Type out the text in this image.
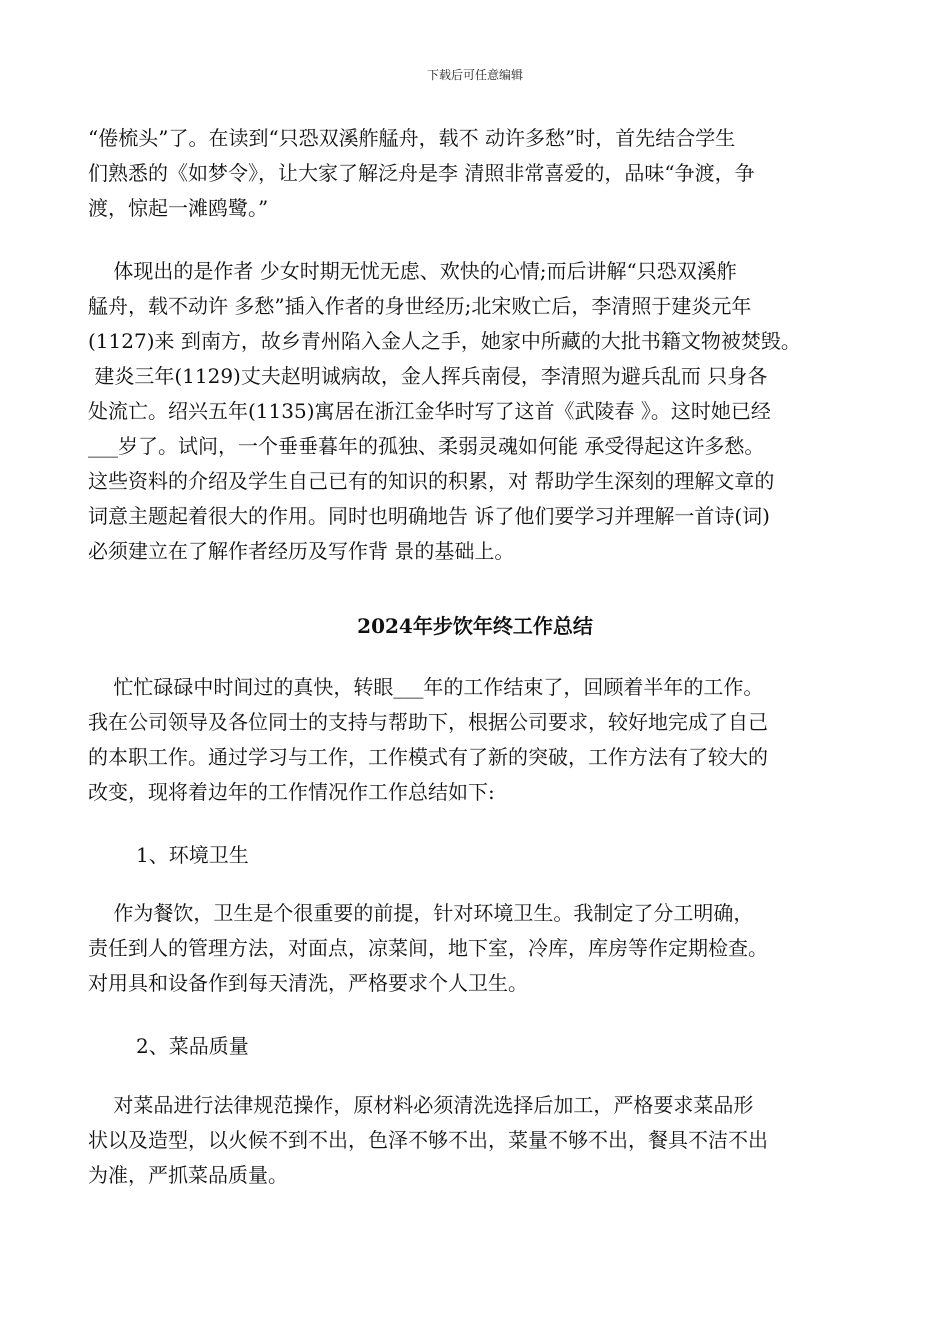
下载后可任意编辑
“倦梳头”了。在读到“只恐双溪舴艋舟，载不 动许多愁”时，首先结合学生
们熟悉的《如梦令》，让大家了解泛舟是李 清照非常喜爱的，品味“争渡，争
渡，惊起一滩鸥鹭。”
体现出的是作者 少女时期无忧无虑、欢快的心情;而后讲解“只恐双溪舴
艋舟，载不动许 多愁”插入作者的身世经历;北宋败亡后，李清照于建炎元年
(1127)来 到南方，故乡青州陷入金人之手，她家中所藏的大批书籍文物被焚毁。
建炎三年(1129)丈夫赵明诚病故，金人挥兵南侵，李清照为避兵乱而 只身各
处流亡。绍兴五年(1135)寓居在浙江金华时写了这首《武陵春 》。这时她已经
___岁了。试问，一个垂垂暮年的孤独、柔弱灵魂如何能 承受得起这许多愁。
这些资料的介绍及学生自己已有的知识的积累，对 帮助学生深刻的理解文章的
词意主题起着很大的作用。同时也明确地告 诉了他们要学习并理解一首诗(词)
必须建立在了解作者经历及写作背 景的基础上。
2024年步饮年终工作总结
忙忙碌碌中时间过的真快，转眼___年的工作结束了，回顾着半年的工作。
我在公司领导及各位同士的支持与帮助下，根据公司要求，较好地完成了自己
的本职工作。通过学习与工作，工作模式有了新的突破，工作方法有了较大的
改变，现将着边年的工作情况作工作总结如下:
1、环境卫生
作为餐饮，卫生是个很重要的前提，针对环境卫生。我制定了分工明确，
责任到人的管理方法，对面点，凉菜间，地下室，冷库，库房等作定期检查。
对用具和设备作到每天清洗，严格要求个人卫生。
2、菜品质量
对菜品进行法律规范操作，原材料必须清洗选择后加工，严格要求菜品形
状以及造型，以火候不到不出，色泽不够不出，菜量不够不出，餐具不洁不出
为准，严抓菜品质量。
